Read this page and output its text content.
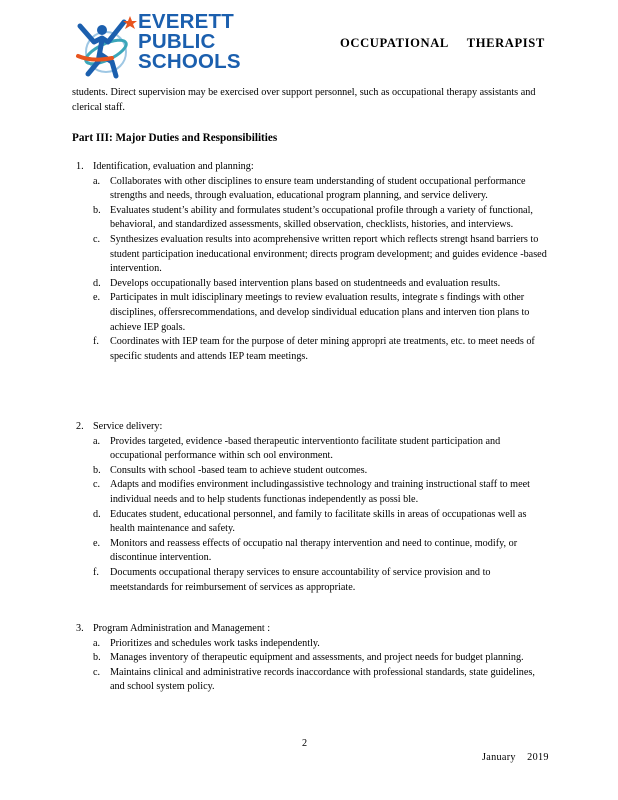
EVERETT
PUBLIC
SCHOOLS
OCCUPATIONAL     THERAPIST
students. Direct supervision may be exercised over support personnel, such as occupational therapy assistants and clerical staff.
Part III: Major Duties and Responsibilities
1. Identification, evaluation and planning:
a. Collaborates with other disciplines to ensure team understanding of student occupational performance strengths and needs, through evaluation, educational program planning, and service delivery.
b. Evaluates student’s ability and formulates student’s occupational profile through a variety of functional, behavioral, and standardized assessments, skilled observation, checklists, histories, and interviews.
c. Synthesizes evaluation results into acomprehensive written report which reflects strengt hsand barriers to student participation ineducational environment; directs program development; and guides evidence -based intervention.
d. Develops occupationally based intervention plans based on studentneeds and evaluation results.
e. Participates in mult idisciplinary meetings to review evaluation results, integrate s findings with other disciplines, offersrecommendations, and develop sindividual education plans and interven tion plans to achieve IEP goals.
f. Coordinates with IEP team for the purpose of deter mining appropri ate treatments, etc. to meet needs of specific students and attends IEP team meetings.
2. Service delivery:
a. Provides targeted, evidence -based therapeutic interventionto facilitate student participation and occupational performance within sch ool environment.
b. Consults with school -based team to achieve student outcomes.
c. Adapts and modifies environment includingassistive technology and training instructional staff to meet individual needs and to help students functionas independently as possi ble.
d. Educates student, educational personnel, and family to facilitate skills in areas of occupationas well as health maintenance and safety.
e. Monitors and reassess effects of occupatio nal therapy intervention and need to continue, modify, or discontinue intervention.
f. Documents occupational therapy services to ensure accountability of service provision and to meetstandards for reimbursement of services as appropriate.
3. Program Administration and Management :
a. Prioritizes and schedules work tasks independently.
b. Manages inventory of therapeutic equipment and assessments, and project needs for budget planning.
c. Maintains clinical and administrative records inaccordance with professional standards, state guidelines, and school system policy.
2
January    2019
